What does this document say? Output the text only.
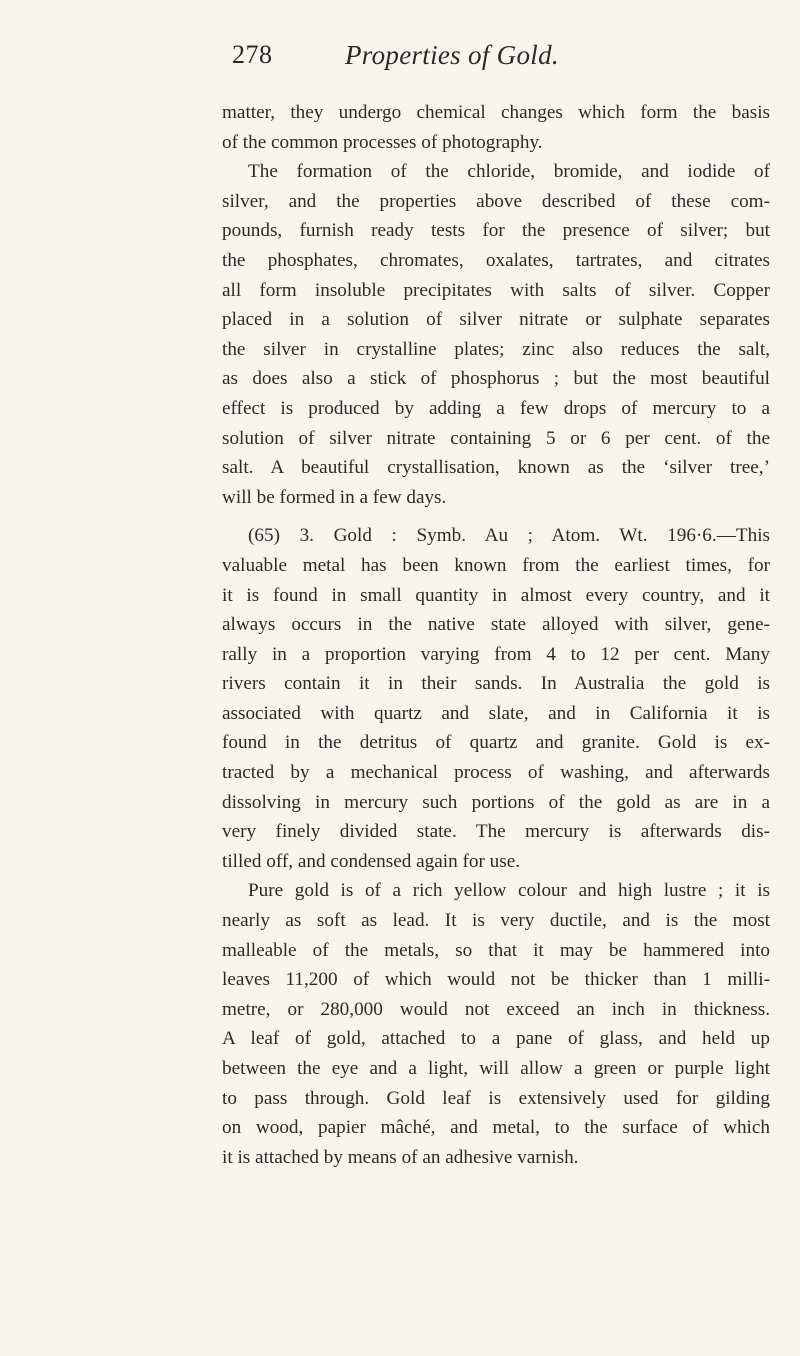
278	Properties of Gold.
matter, they undergo chemical changes which form the basis
of the common processes of photography.
The formation of the chloride, bromide, and iodide of
silver, and the properties above described of these com-
pounds, furnish ready tests for the presence of silver; but
the phosphates, chromates, oxalates, tartrates, and citrates
all form insoluble precipitates with salts of silver. Copper
placed in a solution of silver nitrate or sulphate separates
the silver in crystalline plates; zinc also reduces the salt,
as does also a stick of phosphorus ; but the most beautiful
effect is produced by adding a few drops of mercury to a
solution of silver nitrate containing 5 or 6 per cent. of the
salt. A beautiful crystallisation, known as the ‘silver tree,’
will be formed in a few days.
(65) 3. Gold : Symb. Au ; Atom. Wt. 196·6.—This
valuable metal has been known from the earliest times, for
it is found in small quantity in almost every country, and it
always occurs in the native state alloyed with silver, gene-
rally in a proportion varying from 4 to 12 per cent. Many
rivers contain it in their sands. In Australia the gold is
associated with quartz and slate, and in California it is
found in the detritus of quartz and granite. Gold is ex-
tracted by a mechanical process of washing, and afterwards
dissolving in mercury such portions of the gold as are in a
very finely divided state. The mercury is afterwards dis-
tilled off, and condensed again for use.
Pure gold is of a rich yellow colour and high lustre ; it is
nearly as soft as lead. It is very ductile, and is the most
malleable of the metals, so that it may be hammered into
leaves 11,200 of which would not be thicker than 1 milli-
metre, or 280,000 would not exceed an inch in thickness.
A leaf of gold, attached to a pane of glass, and held up
between the eye and a light, will allow a green or purple light
to pass through. Gold leaf is extensively used for gilding
on wood, papier mâché, and metal, to the surface of which
it is attached by means of an adhesive varnish.
